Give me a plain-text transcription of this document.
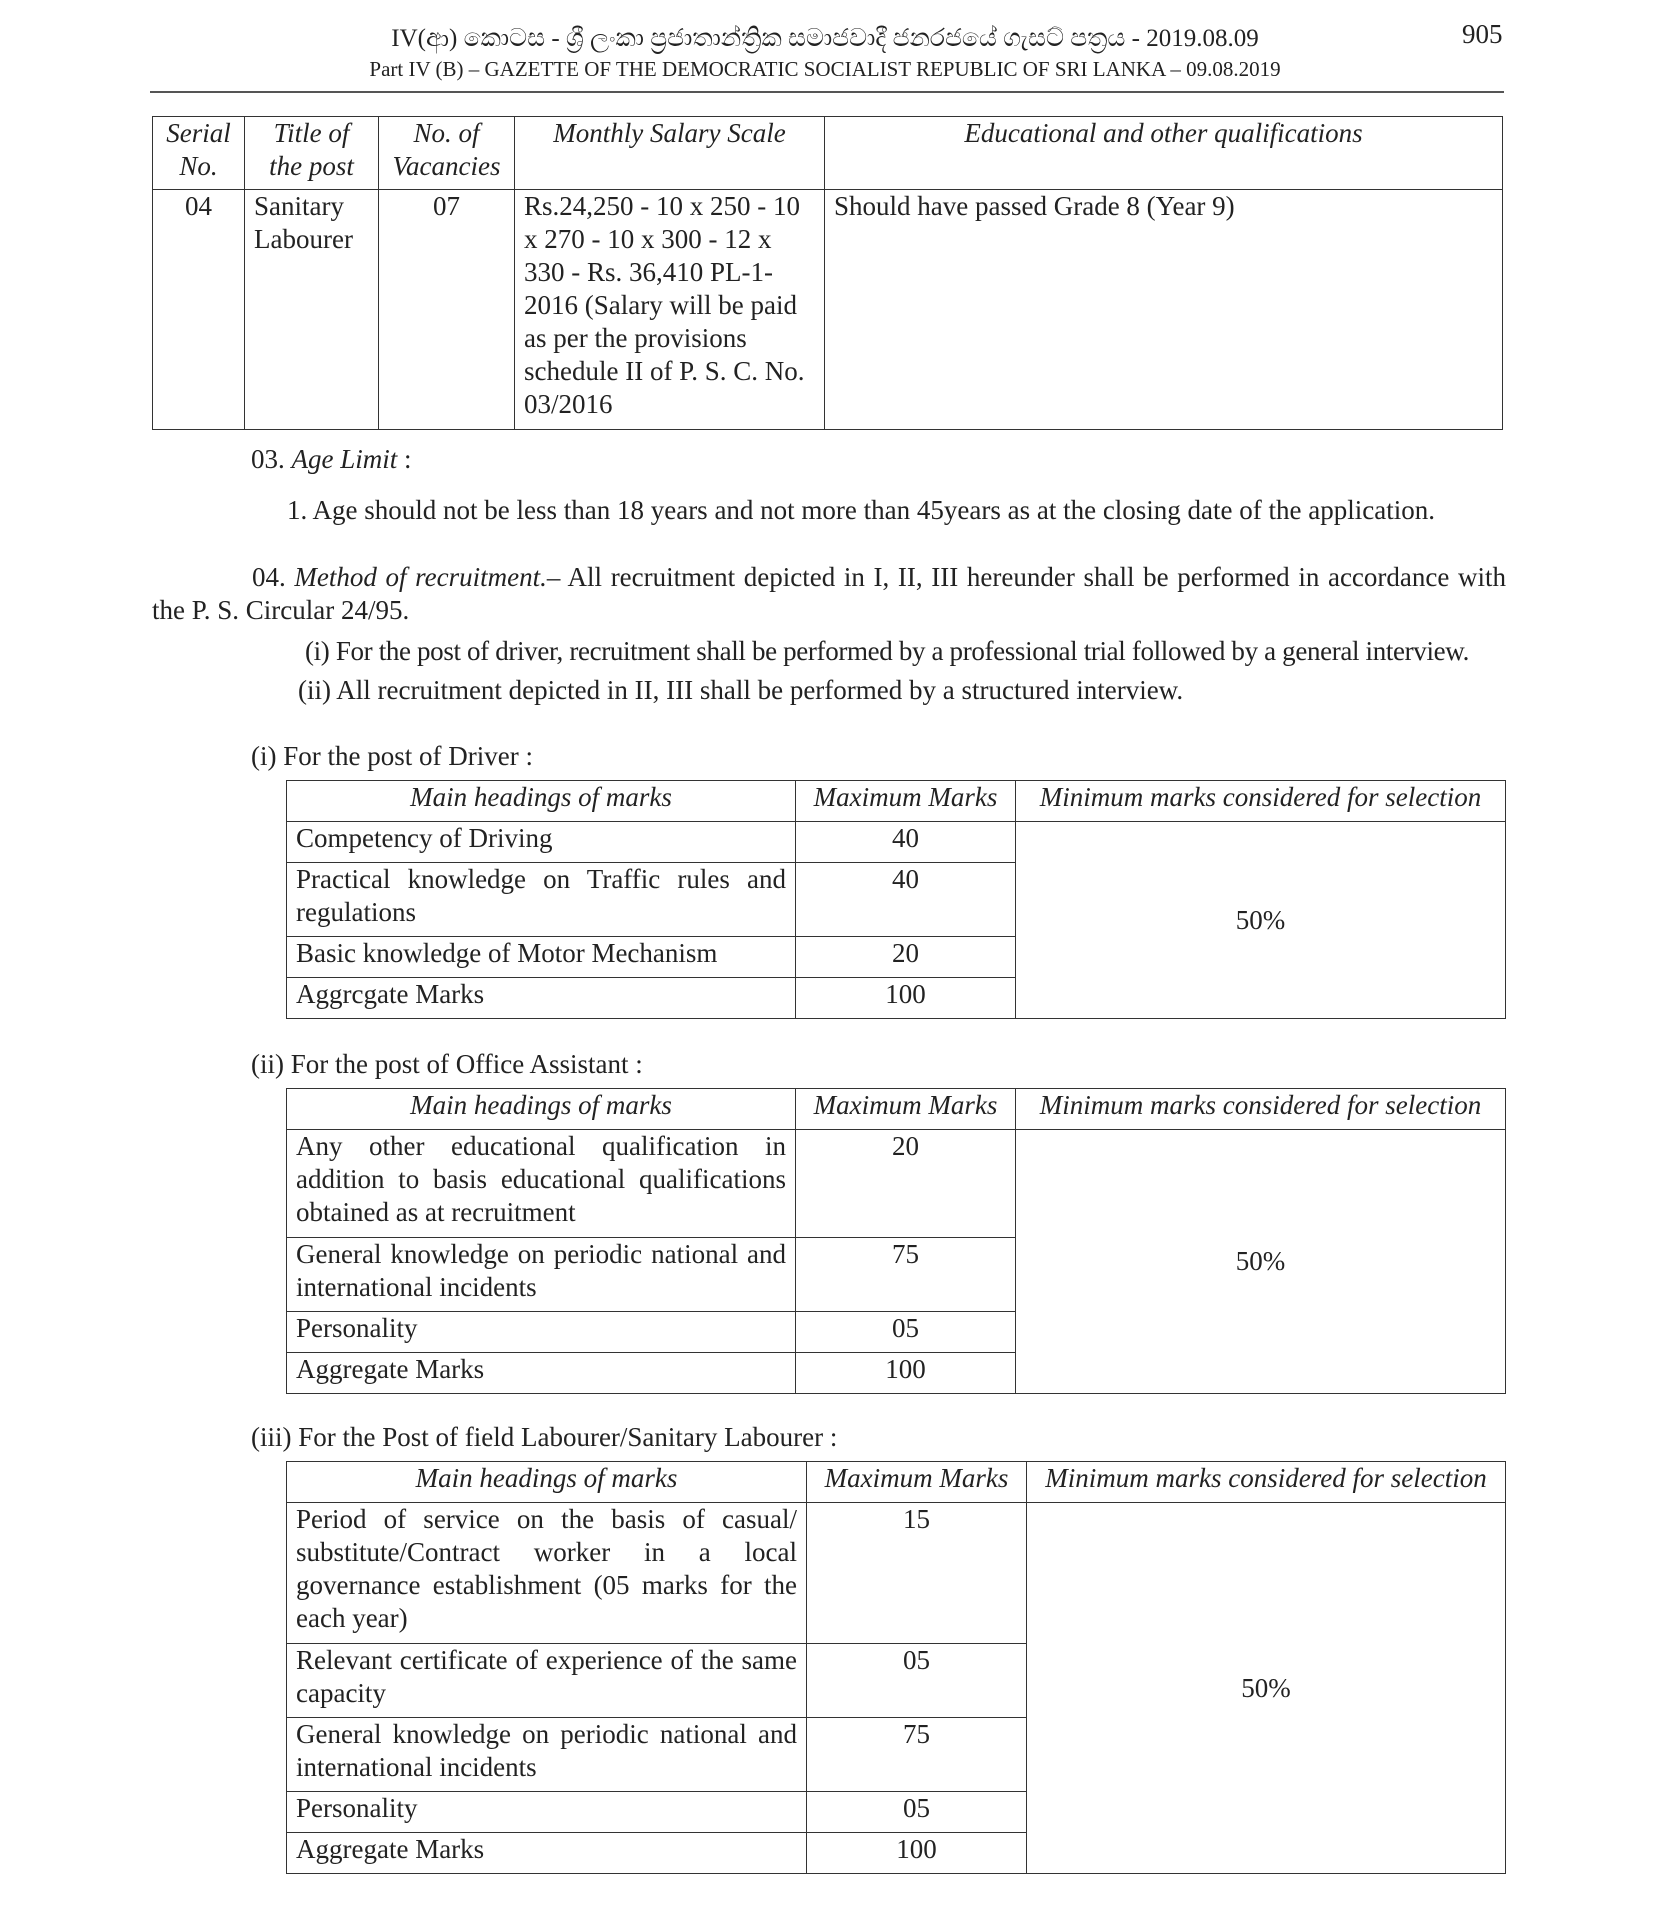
IV(ආ) කොටස - ශ්‍රී ලංකා ප්‍රජාතාන්ත්‍රික සමාජවාදී ජනරජයේ ගැසට් පත්‍රය - 2019.08.09
Part IV (B) – GAZETTE OF THE DEMOCRATIC SOCIALIST REPUBLIC OF SRI LANKA – 09.08.2019
905
Serial No.	Title of the post	No. of Vacancies	Monthly Salary Scale	Educational and other qualifications
04	Sanitary Labourer	07	Rs.24,250 - 10 x 250 - 10 x 270 - 10 x 300 - 12 x 330 - Rs. 36,410 PL-1-2016 (Salary will be paid as per the provisions schedule II of P. S. C. No. 03/2016	Should have passed Grade 8 (Year 9)
03. Age Limit :
1. Age should not be less than 18 years and not more than 45years as at the closing date of the application.
04. Method of recruitment.– All recruitment depicted in I, II, III hereunder shall be performed in accordance with the P. S. Circular 24/95.
(i) For the post of driver, recruitment shall be performed by a professional trial followed by a general interview.
(ii) All recruitment depicted in II, III shall be performed by a structured interview.
(i) For the post of Driver :
Main headings of marks	Maximum Marks	Minimum marks considered for selection
Competency of Driving	40	50%
Practical knowledge on Traffic rules and regulations	40	
Basic knowledge of Motor Mechanism	20	
Aggrcgate Marks	100	
(ii) For the post of Office Assistant :
Main headings of marks	Maximum Marks	Minimum marks considered for selection
Any other educational qualification in addition to basis educational qualifications obtained as at recruitment	20	50%
General knowledge on periodic national and international incidents	75	
Personality	05	
Aggregate Marks	100	
(iii) For the Post of field Labourer/Sanitary Labourer :
Main headings of marks	Maximum Marks	Minimum marks considered for selection
Period of service on the basis of casual/ substitute/Contract worker in a local governance establishment (05 marks for the each year)	15	50%
Relevant certificate of experience of the same capacity	05	
General knowledge on periodic national and international incidents	75	
Personality	05	
Aggregate Marks	100	
